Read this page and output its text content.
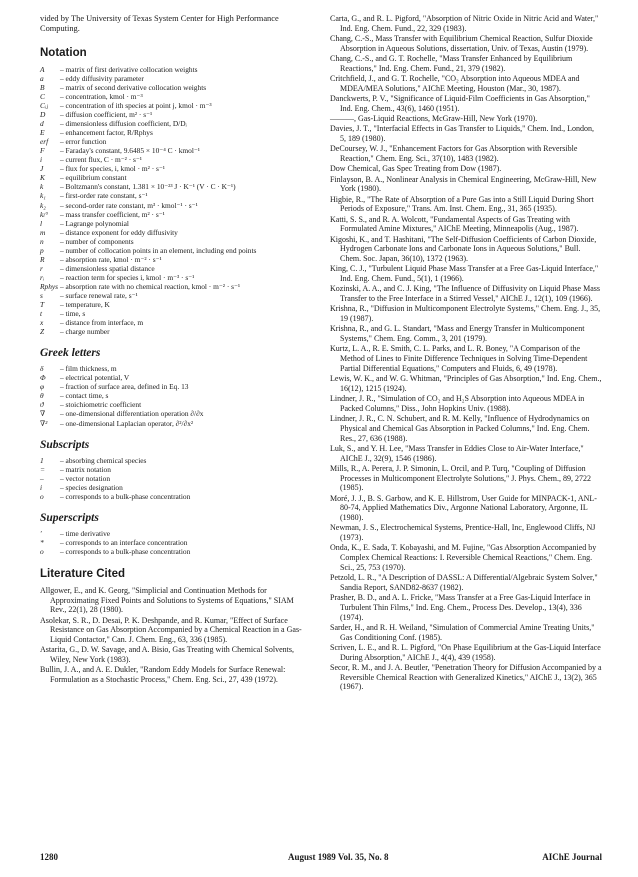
vided by The University of Texas System Center for High Performance Computing.

Notation
A	– matrix of first derivative collocation weights
a	– eddy diffusivity parameter
B	– matrix of second derivative collocation weights
C	– concentration, kmol · m⁻³
Cᵢⱼ	– concentration of ith species at point j, kmol · m⁻³
D	– diffusion coefficient, m² · s⁻¹
d	– dimensionless diffusion coefficient, D/Dᵢ
E	– enhancement factor, R/Rphys
erf	– error function
F	– Faraday's constant, 9.6485 × 10⁻⁴ C · kmol⁻¹
i	– current flux, C · m⁻² · s⁻¹
J	– flux for species, i, kmol · m² · s⁻¹
K	– equilibrium constant
k	– Boltzmann's constant, 1.381 × 10⁻²³ J · K⁻¹ (V · C · K⁻¹)
k₁	– first-order rate constant, s⁻¹
k₂	– second-order rate constant, m³ · kmol⁻¹ · s⁻¹
kₗ°	– mass transfer coefficient, m² · s⁻¹
l	– Lagrange polynomial
m	– distance exponent for eddy diffusivity
n	– number of components
p	– number of collocation points in an element, including end points
R	– absorption rate, kmol · m⁻² · s⁻¹
r	– dimensionless spatial distance
rᵢ	– reaction term for species i, kmol · m⁻³ · s⁻¹
Rphys – absorption rate with no chemical reaction, kmol · m⁻² · s⁻¹
s	– surface renewal rate, s⁻¹
T	– temperature, K
t	– time, s
x	– distance from interface, m
Z	– charge number
Greek letters
δ	– film thickness, m
Φ	– electrical potential, V
φ	– fraction of surface area, defined in Eq. 13
θ	– contact time, s
ϑ	– stoichiometric coefficient
∇	– one-dimensional differentiation operation ∂/∂x
∇²	– one-dimensional Laplacian operator, ∂²/∂x²
Subscripts
1	– absorbing chemical species
=	– matrix notation
–	– vector notation
i	– species designation
o	– corresponds to a bulk-phase concentration
Superscripts
′	– time derivative
*	– corresponds to an interface concentration
o	– corresponds to a bulk-phase concentration
Literature Cited

Allgower, E., and K. Georg, "Simplicial and Continuation Methods for Approximating Fixed Points and Solutions to Systems of Equations," SIAM Rev., 22(1), 28 (1980).

Asolekar, S. R., D. Desai, P. K. Deshpande, and R. Kumar, "Effect of Surface Resistance on Gas Absorption Accompanied by a Chemical Reaction in a Gas-Liquid Contactor," Can. J. Chem. Eng., 63, 336 (1985).

Astarita, G., D. W. Savage, and A. Bisio, Gas Treating with Chemical Solvents, Wiley, New York (1983).

Bullin, J. A., and A. E. Dukler, "Random Eddy Models for Surface Renewal: Formulation as a Stochastic Process," Chem. Eng. Sci., 27, 439 (1972).

Carta, G., and R. L. Pigford, "Absorption of Nitric Oxide in Nitric Acid and Water," Ind. Eng. Chem. Fund., 22, 329 (1983).

Chang, C.-S., Mass Transfer with Equilibrium Chemical Reaction, Sulfur Dioxide Absorption in Aqueous Solutions, dissertation, Univ. of Texas, Austin (1979).

Chang, C.-S., and G. T. Rochelle, "Mass Transfer Enhanced by Equilibrium Reactions," Ind. Eng. Chem. Fund., 21, 379 (1982).

Critchfield, J., and G. T. Rochelle, "CO₂ Absorption into Aqueous MDEA and MDEA/MEA Solutions," AIChE Meeting, Houston (Mar., 30, 1987).

Danckwerts, P. V., "Significance of Liquid-Film Coefficients in Gas Absorption," Ind. Eng. Chem., 43(6), 1460 (1951).

———, Gas-Liquid Reactions, McGraw-Hill, New York (1970).

Davies, J. T., "Interfacial Effects in Gas Transfer to Liquids," Chem. Ind., London, 5, 189 (1980).

DeCoursey, W. J., "Enhancement Factors for Gas Absorption with Reversible Reaction," Chem. Eng. Sci., 37(10), 1483 (1982).

Dow Chemical, Gas Spec Treating from Dow (1987).

Finlayson, B. A., Nonlinear Analysis in Chemical Engineering, McGraw-Hill, New York (1980).

Higbie, R., "The Rate of Absorption of a Pure Gas into a Still Liquid During Short Periods of Exposure," Trans. Am. Inst. Chem. Eng., 31, 365 (1935).

Katti, S. S., and R. A. Wolcott, "Fundamental Aspects of Gas Treating with Formulated Amine Mixtures," AIChE Meeting, Minneapolis (Aug., 1987).

Kigoshi, K., and T. Hashitani, "The Self-Diffusion Coefficients of Carbon Dioxide, Hydrogen Carbonate Ions and Carbonate Ions in Aqueous Solutions," Bull. Chem. Soc. Japan, 36(10), 1372 (1963).

King, C. J., "Turbulent Liquid Phase Mass Transfer at a Free Gas-Liquid Interface," Ind. Eng. Chem. Fund., 5(1), 1 (1966).

Kozinski, A. A., and C. J. King, "The Influence of Diffusivity on Liquid Phase Mass Transfer to the Free Interface in a Stirred Vessel," AIChE J., 12(1), 109 (1966).

Krishna, R., "Diffusion in Multicomponent Electrolyte Systems," Chem. Eng. J., 35, 19 (1987).

Krishna, R., and G. L. Standart, "Mass and Energy Transfer in Multicomponent Systems," Chem. Eng. Comm., 3, 201 (1979).

Kurtz, L. A., R. E. Smith, C. L. Parks, and L. R. Boney, "A Comparison of the Method of Lines to Finite Difference Techniques in Solving Time-Dependent Partial Differential Equations," Computers and Fluids, 6, 49 (1978).

Lewis, W. K., and W. G. Whitman, "Principles of Gas Absorption," Ind. Eng. Chem., 16(12), 1215 (1924).

Lindner, J. R., "Simulation of CO₂ and H₂S Absorption into Aqueous MDEA in Packed Columns," Diss., John Hopkins Univ. (1988).

Lindner, J. R., C. N. Schubert, and R. M. Kelly, "Influence of Hydrodynamics on Physical and Chemical Gas Absorption in Packed Columns," Ind. Eng. Chem. Res., 27, 636 (1988).

Luk, S., and Y. H. Lee, "Mass Transfer in Eddies Close to Air-Water Interface," AIChE J., 32(9), 1546 (1986).

Mills, R., A. Perera, J. P. Simonin, L. Orcil, and P. Turq, "Coupling of Diffusion Processes in Multicomponent Electrolyte Solutions," J. Phys. Chem., 89, 2722 (1985).

Moré, J. J., B. S. Garbow, and K. E. Hillstrom, User Guide for MINPACK-1, ANL-80-74, Applied Mathematics Div., Argonne National Laboratory, Argonne, IL (1980).

Newman, J. S., Electrochemical Systems, Prentice-Hall, Inc, Englewood Cliffs, NJ (1973).

Onda, K., E. Sada, T. Kobayashi, and M. Fujine, "Gas Absorption Accompanied by Complex Chemical Reactions: I. Reversible Chemical Reactions," Chem. Eng. Sci., 25, 753 (1970).

Petzold, L. R., "A Description of DASSL: A Differential/Algebraic System Solver," Sandia Report, SAND82-8637 (1982).

Prasher, B. D., and A. L. Fricke, "Mass Transfer at a Free Gas-Liquid Interface in Turbulent Thin Films," Ind. Eng. Chem., Process Des. Develop., 13(4), 336 (1974).

Sarder, H., and R. H. Weiland, "Simulation of Commercial Amine Treating Units," Gas Conditioning Conf. (1985).

Scriven, L. E., and R. L. Pigford, "On Phase Equilibrium at the Gas-Liquid Interface During Absorption," AIChE J., 4(4), 439 (1958).

Secor, R. M., and J. A. Beutler, "Penetration Theory for Diffusion Accompanied by a Reversible Chemical Reaction with Generalized Kinetics," AIChE J., 13(2), 365 (1967).

1280	August 1989 Vol. 35, No. 8	AIChE Journal
